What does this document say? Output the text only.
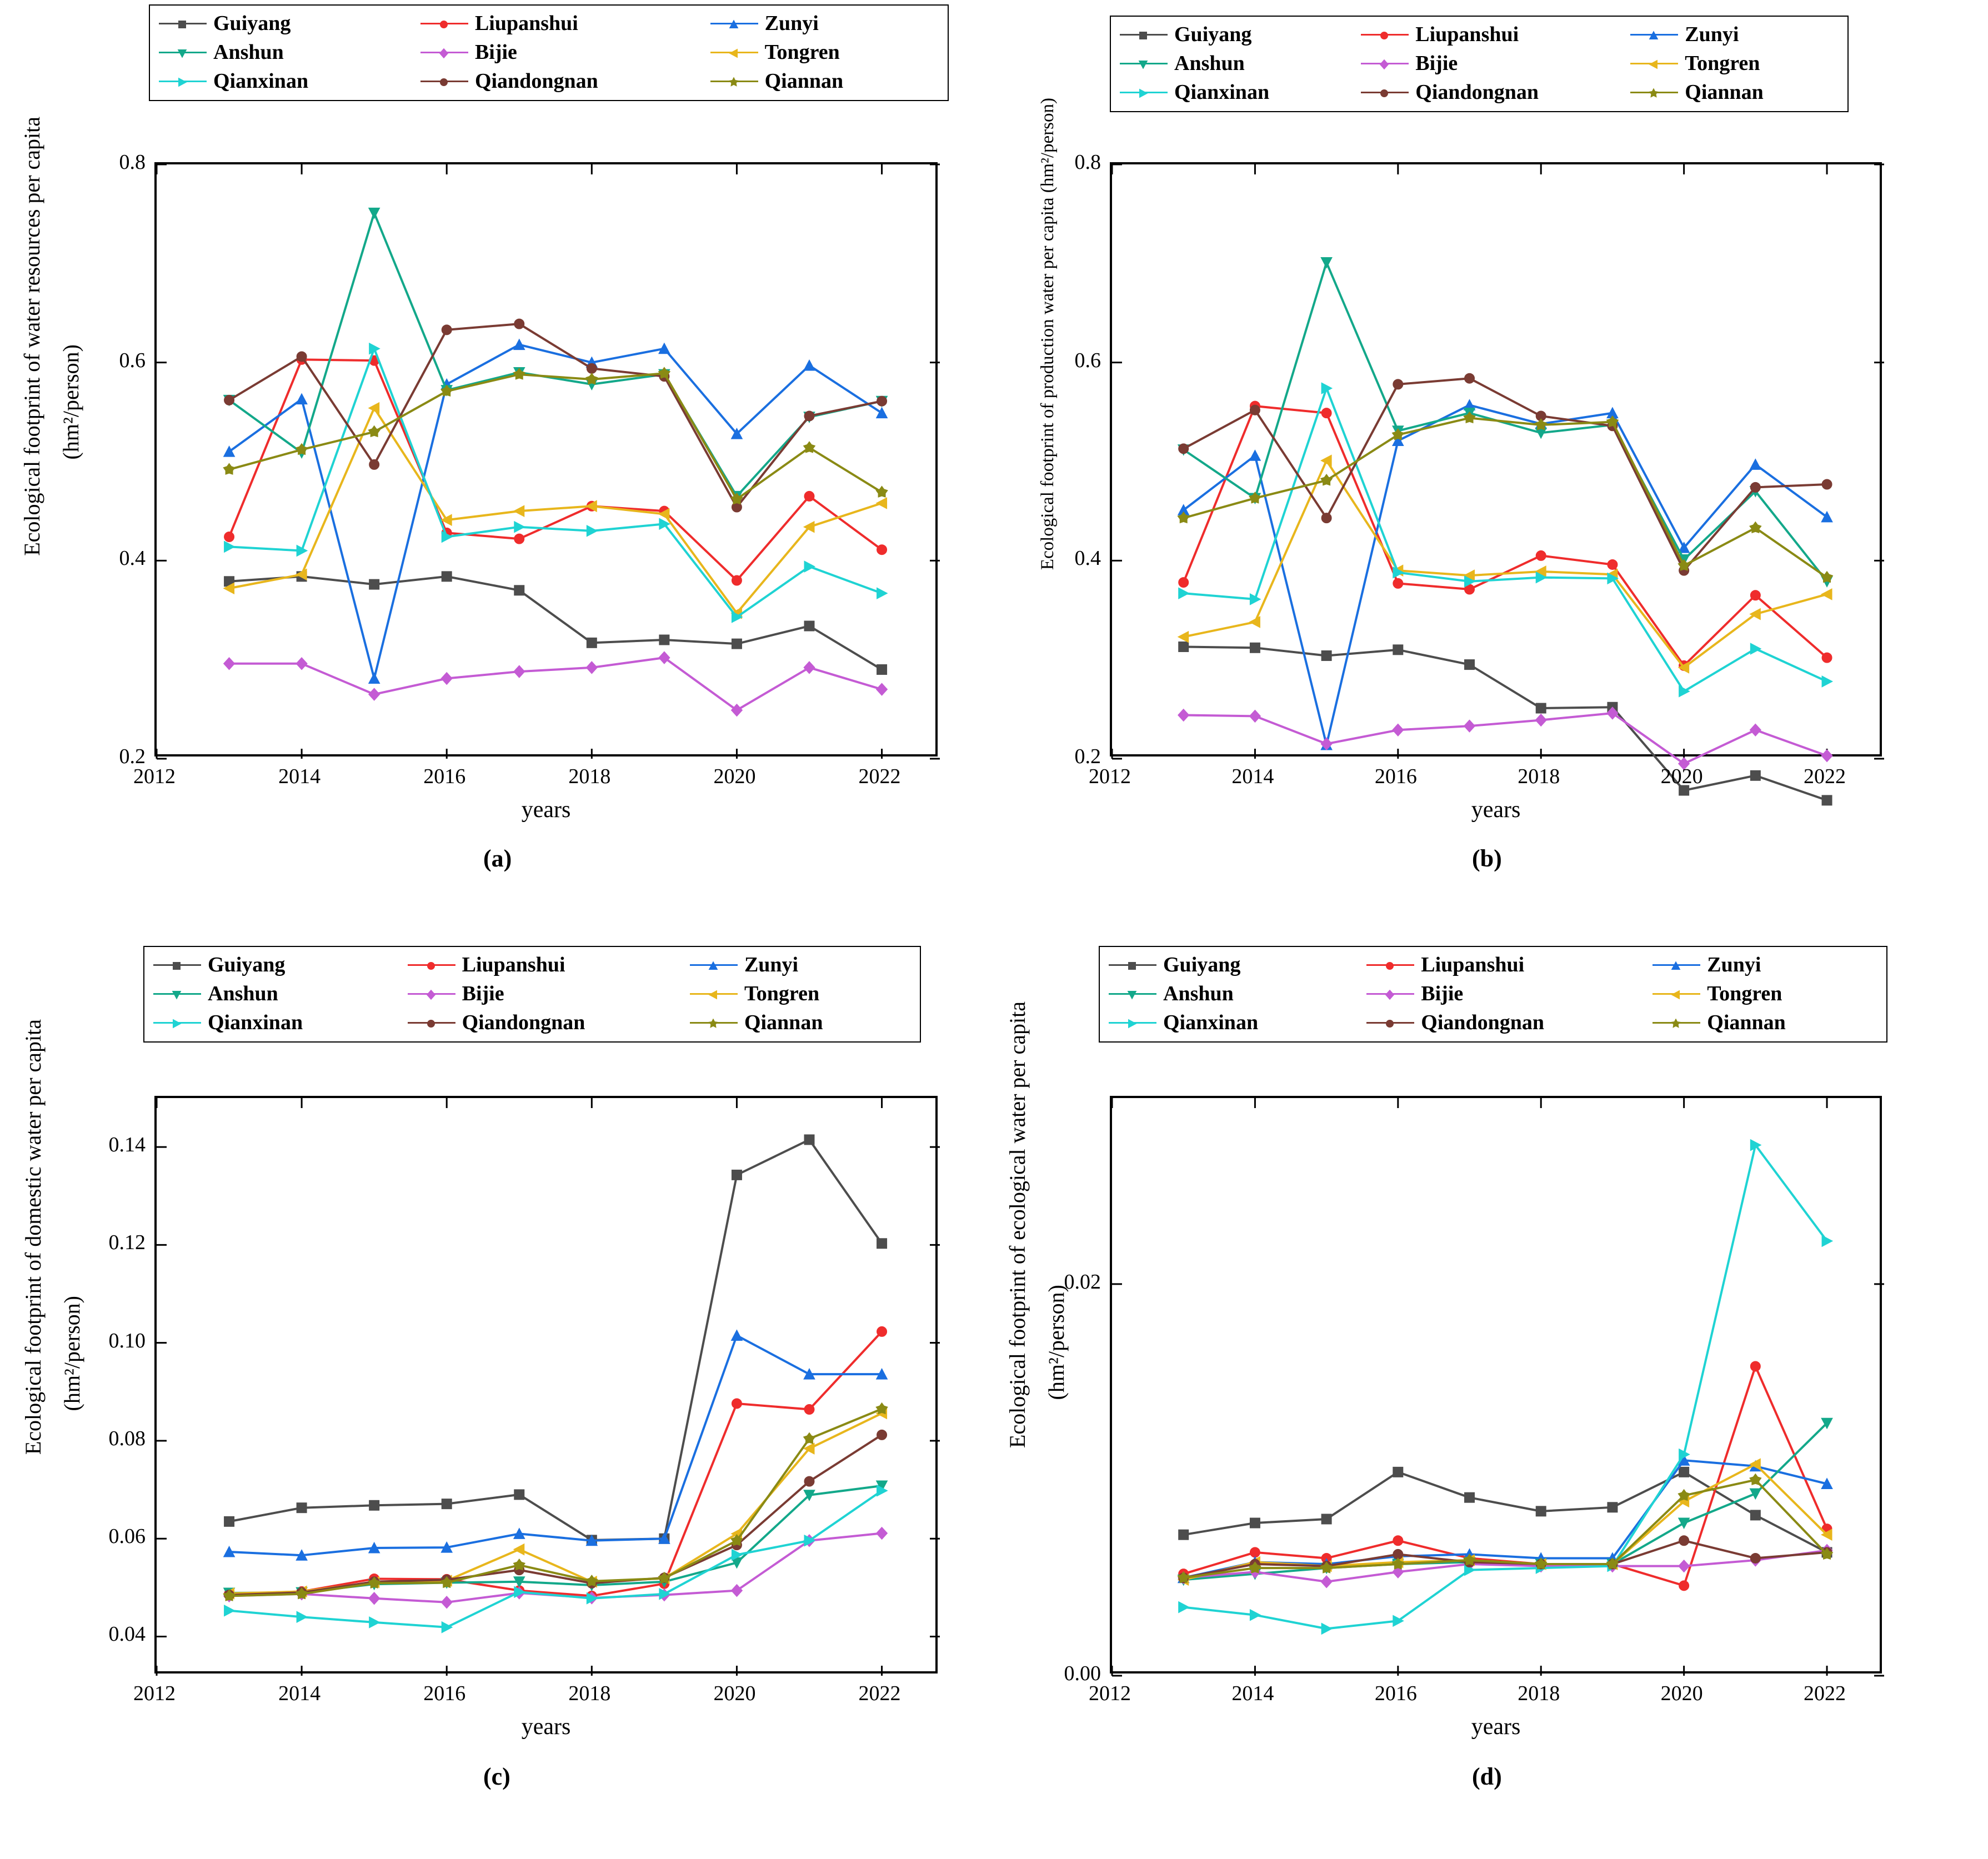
Guiyang	Liupanshui	Zunyi
Anshun	Bijie	Tongren
Qianxinan	Qiandongnan	Qiannan
2012	2014	2016	2018	2020	2022
0.2
0.4
0.6
0.8
years
Ecological footprint of water resources per capita (hm²/person)
(a)
Guiyang	Liupanshui	Zunyi
Anshun	Bijie	Tongren
Qianxinan	Qiandongnan	Qiannan
2012	2014	2016	2018	2020	2022
0.2
0.4
0.6
0.8
years
Ecological footprint of production water per capita (hm²/person)
(b)
Guiyang	Liupanshui	Zunyi
Anshun	Bijie	Tongren
Qianxinan	Qiandongnan	Qiannan
2012	2014	2016	2018	2020	2022
0.04
0.06
0.08
0.10
0.12
0.14
years
Ecological footprint of domestic water per capita (hm²/person)
(c)
Guiyang	Liupanshui	Zunyi
Anshun	Bijie	Tongren
Qianxinan	Qiandongnan	Qiannan
2012	2014	2016	2018	2020	2022
0.00
0.02
years
Ecological footprint of ecological water per capita (hm²/person)
(d)
